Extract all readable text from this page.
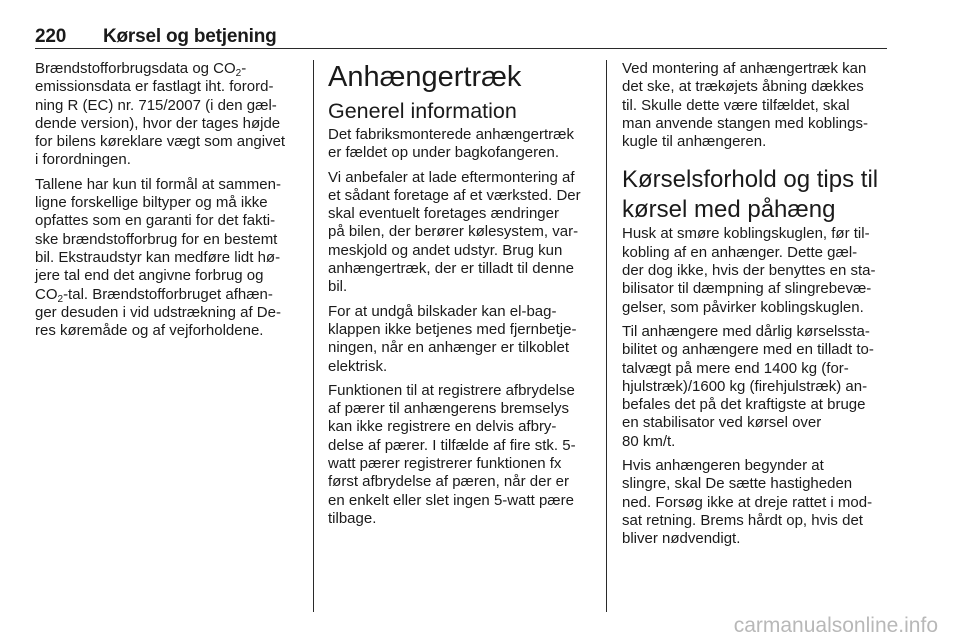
220 Kørsel og betjening

Brændstofforbrugsdata og $CO_2-$
emissionsdata er fastlagt iht. forord-
ning R (EC) nr. 715/2007 (i den gæl-
dende version), hvor der tages højde
for bilens køreklare vægt som angivet
i forordningen.

Tallene har kun til formål at sammen-
ligne forskellige biltyper og må ikke
opfattes som en garanti for det fakti-
ske brændstofforbrug for en bestemt
bil. Ekstraudstyr kan medføre lidt hø-
jere tal end det angivne forbrug og
$CO_2$-tal. Brændstofforbruget afhæn-
ger desuden i vid udstrækning af De-
res køremåde og af vejforholdene.

Anhængertræk
Generel information

Det fabriksmonterede anhængertræk
er fældet op under bagkofangeren.

Vi anbefaler at lade eftermontering af
et sådant foretage af et værksted. Der
skal eventuelt foretages ændringer
på bilen, der berører kølesystem, var-
meskjold og andet udstyr. Brug kun
anhængertræk, der er tilladt til denne
bil.

For at undgå bilskader kan el-bag-
klappen ikke betjenes med fjernbetje-
ningen, når en anhænger er tilkoblet
elektrisk.

Funktionen til at registrere afbrydelse
af pærer til anhængerens bremselys
kan ikke registrere en delvis afbry-
delse af pærer. I tilfælde af fire stk. 5-
watt pærer registrerer funktionen fx
først afbrydelse af pæren, når der er
en enkelt eller slet ingen 5-watt pære
tilbage.

Ved montering af anhængertræk kan
det ske, at trækøjets åbning dækkes
til. Skulle dette være tilfældet, skal
man anvende stangen med koblings-
kugle til anhængeren.

Kørselsforhold og tips til
kørsel med påhæng

Husk at smøre koblingskuglen, før til-
kobling af en anhænger. Dette gæl-
der dog ikke, hvis der benyttes en sta-
bilisator til dæmpning af slingrebevæ-
gelser, som påvirker koblingskuglen.

Til anhængere med dårlig kørselssta-
bilitet og anhængere med en tilladt to-
talvægt på mere end 1400 kg (for-
hjulstræk)/1600 kg (firehjulstræk) an-
befales det på det kraftigste at bruge
en stabilisator ved kørsel over
80 km/t.

Hvis anhængeren begynder at
slingre, skal De sætte hastigheden
ned. Forsøg ikke at dreje rattet i mod-
sat retning. Brems hårdt op, hvis det
bliver nødvendigt.

carmanualsonline.info
